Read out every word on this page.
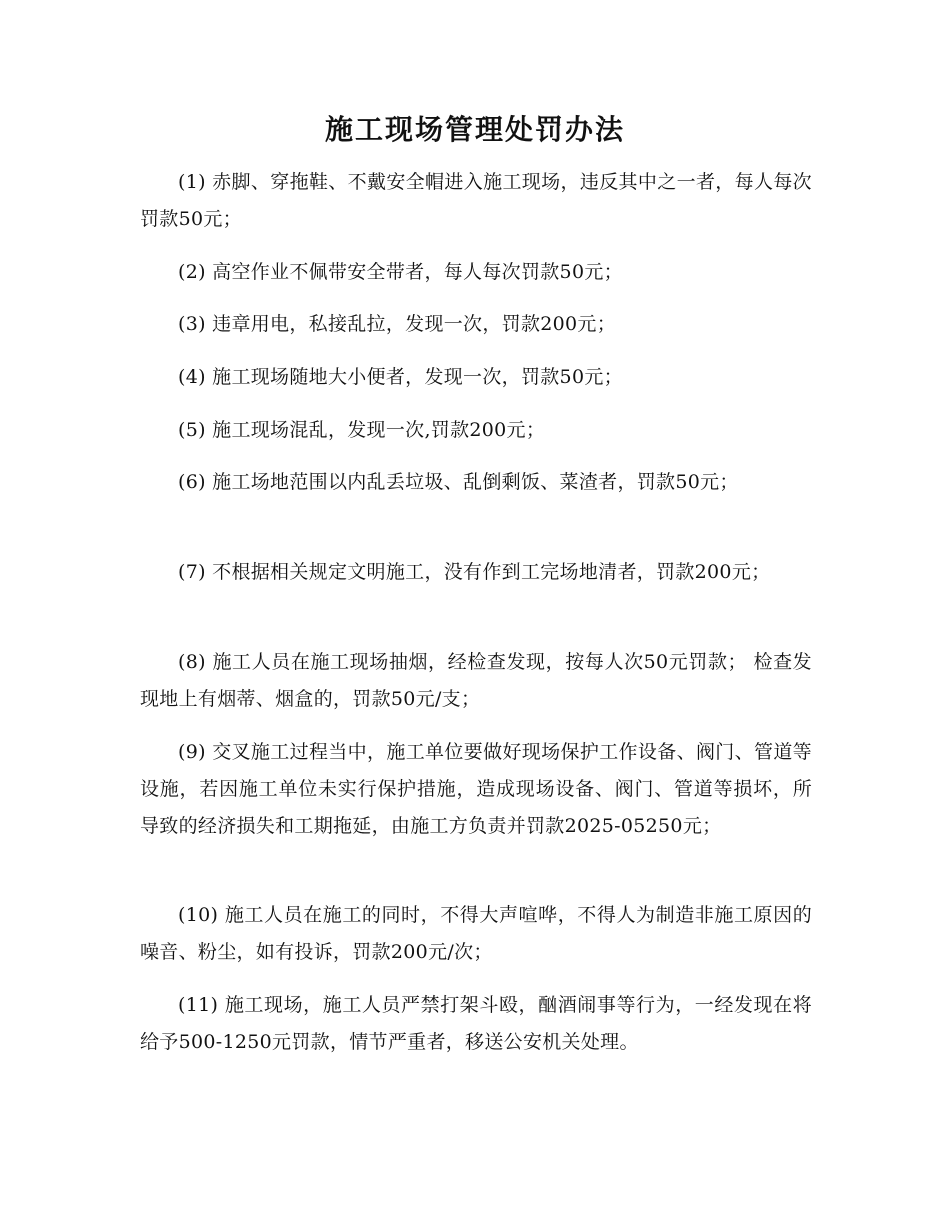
施工现场管理处罚办法

(1) 赤脚、穿拖鞋、不戴安全帽进入施工现场，违反其中之一者，每人每次罚款50元；

(2) 高空作业不佩带安全带者，每人每次罚款50元；

(3) 违章用电，私接乱拉，发现一次，罚款200元；

(4) 施工现场随地大小便者，发现一次，罚款50元；

(5) 施工现场混乱，发现一次,罚款200元；

(6) 施工场地范围以内乱丢垃圾、乱倒剩饭、菜渣者，罚款50元；

(7) 不根据相关规定文明施工，没有作到工完场地清者，罚款200元；

(8) 施工人员在施工现场抽烟，经检查发现，按每人次50元罚款； 检查发现地上有烟蒂、烟盒的，罚款50元/支；

(9) 交叉施工过程当中，施工单位要做好现场保护工作设备、阀门、管道等设施，若因施工单位未实行保护措施，造成现场设备、阀门、管道等损坏，所导致的经济损失和工期拖延，由施工方负责并罚款2025-05250元；

(10) 施工人员在施工的同时，不得大声喧哗，不得人为制造非施工原因的噪音、粉尘，如有投诉，罚款200元/次；

(11) 施工现场，施工人员严禁打架斗殴，酗酒闹事等行为，一经发现在将给予500-1250元罚款，情节严重者，移送公安机关处理。
